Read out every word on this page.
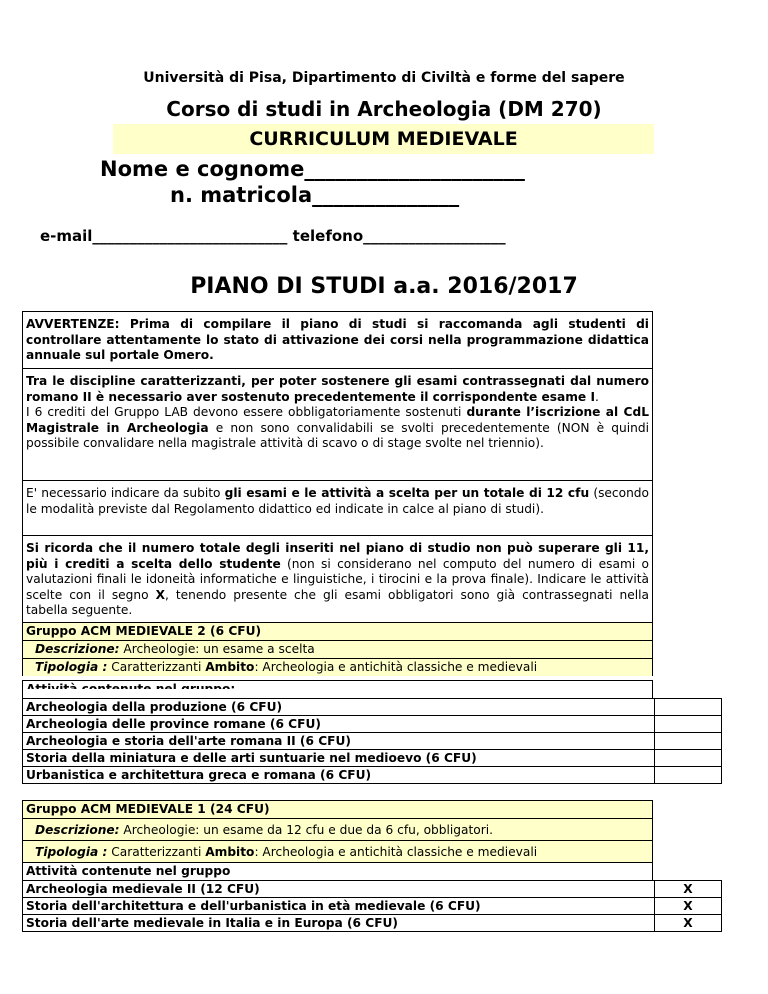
Università di Pisa, Dipartimento di Civiltà e forme del sapere
Corso di studi in Archeologia (DM 270)
CURRICULUM MEDIEVALE
Nome e cognome_____________________
n. matricola______________
e-mail__________________________ telefono___________________
PIANO DI STUDI a.a. 2016/2017
AVVERTENZE: Prima di compilare il piano di studi si raccomanda agli studenti di controllare attentamente lo stato di attivazione dei corsi nella programmazione didattica annuale sul portale Omero.
Tra le discipline caratterizzanti, per poter sostenere gli esami contrassegnati dal numero romano II è necessario aver sostenuto precedentemente il corrispondente esame I.
I 6 crediti del Gruppo LAB devono essere obbligatoriamente sostenuti durante l’iscrizione al CdL Magistrale in Archeologia e non sono convalidabili se svolti precedentemente (NON è quindi possibile convalidare nella magistrale attività di scavo o di stage svolte nel triennio).
E' necessario indicare da subito gli esami e le attività a scelta per un totale di 12 cfu (secondo le modalità previste dal Regolamento didattico ed indicate in calce al piano di studi).
Si ricorda che il numero totale degli inseriti nel piano di studio non può superare gli 11, più i crediti a scelta dello studente (non si considerano nel computo del numero di esami o valutazioni finali le idoneità informatiche e linguistiche, i tirocini e la prova finale). Indicare le attività scelte con il segno X, tenendo presente che gli esami obbligatori sono già contrassegnati nella tabella seguente.
Gruppo ACM MEDIEVALE 2 (6 CFU)
Descrizione: Archeologie: un esame a scelta
Tipologia : Caratterizzanti Ambito: Archeologia e antichità classiche e medievali
Archeologia della produzione (6 CFU)
Archeologia delle province romane (6 CFU)
Archeologia e storia dell'arte romana II (6 CFU)
Storia della miniatura e delle arti suntuarie nel medioevo (6 CFU)
Urbanistica e architettura greca e romana (6 CFU)
Gruppo ACM MEDIEVALE 1 (24 CFU)
Descrizione: Archeologie: un esame da 12 cfu e due da 6 cfu, obbligatori.
Tipologia : Caratterizzanti Ambito: Archeologia e antichità classiche e medievali
Attività contenute nel gruppo
Archeologia medievale II (12 CFU)	X
Storia dell'architettura e dell'urbanistica in età medievale (6 CFU)	X
Storia dell'arte medievale in Italia e in Europa (6 CFU)	X
